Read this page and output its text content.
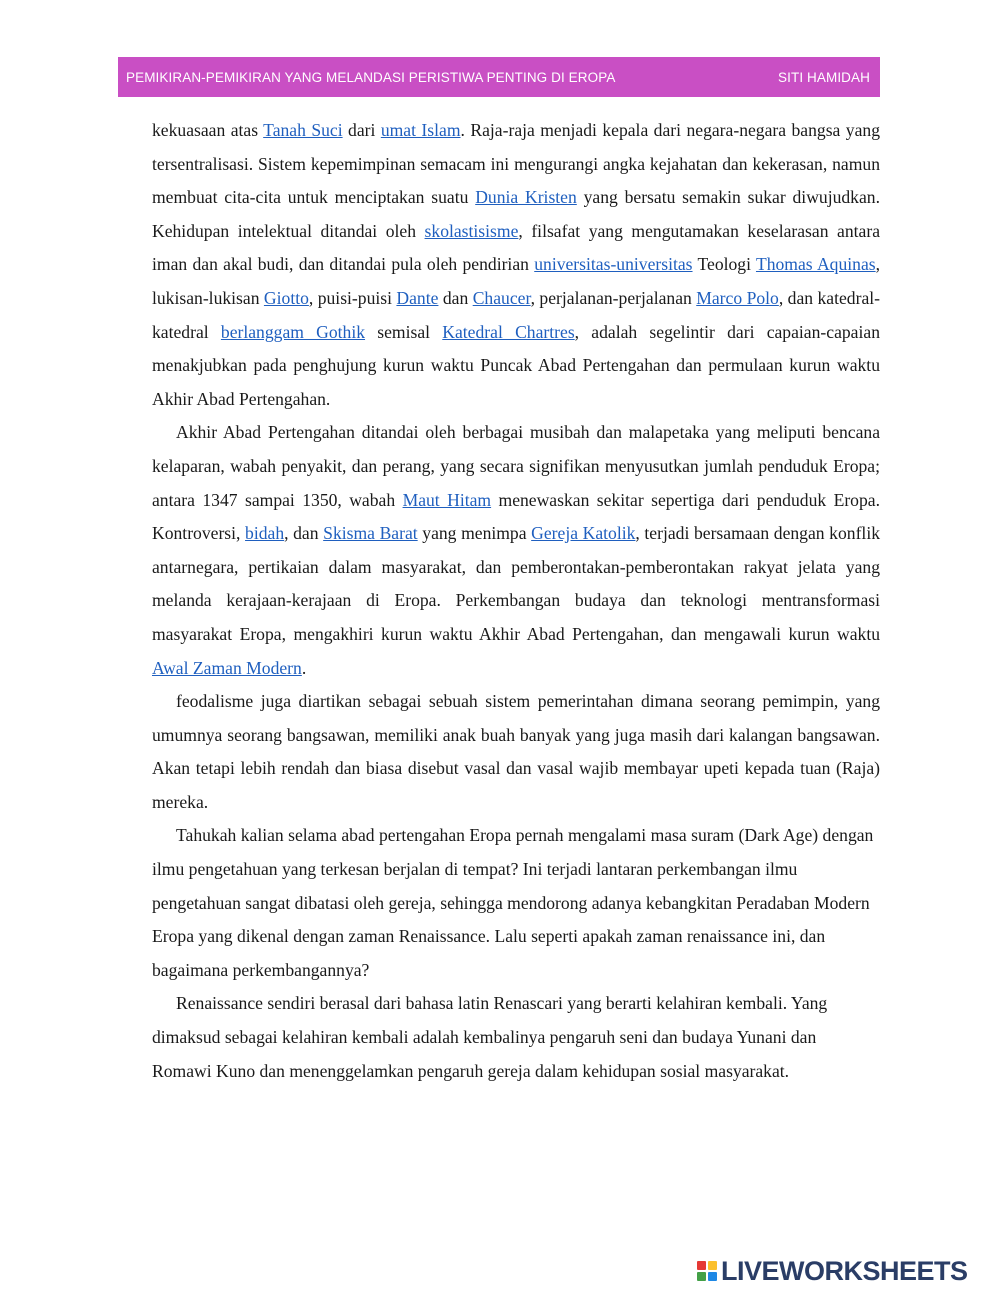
PEMIKIRAN-PEMIKIRAN YANG MELANDASI PERISTIWA PENTING DI EROPA	SITI HAMIDAH

kekuasaan atas Tanah Suci dari umat Islam. Raja-raja menjadi kepala dari negara-negara bangsa yang tersentralisasi. Sistem kepemimpinan semacam ini mengurangi angka kejahatan dan kekerasan, namun membuat cita-cita untuk menciptakan suatu Dunia Kristen yang bersatu semakin sukar diwujudkan. Kehidupan intelektual ditandai oleh skolastisisme, filsafat yang mengutamakan keselarasan antara iman dan akal budi, dan ditandai pula oleh pendirian universitas-universitas Teologi Thomas Aquinas, lukisan-lukisan Giotto, puisi-puisi Dante dan Chaucer, perjalanan-perjalanan Marco Polo, dan katedral-katedral berlanggam Gothik semisal Katedral Chartres, adalah segelintir dari capaian-capaian menakjubkan pada penghujung kurun waktu Puncak Abad Pertengahan dan permulaan kurun waktu Akhir Abad Pertengahan.

Akhir Abad Pertengahan ditandai oleh berbagai musibah dan malapetaka yang meliputi bencana kelaparan, wabah penyakit, dan perang, yang secara signifikan menyusutkan jumlah penduduk Eropa; antara 1347 sampai 1350, wabah Maut Hitam menewaskan sekitar sepertiga dari penduduk Eropa. Kontroversi, bidah, dan Skisma Barat yang menimpa Gereja Katolik, terjadi bersamaan dengan konflik antarnegara, pertikaian dalam masyarakat, dan pemberontakan-pemberontakan rakyat jelata yang melanda kerajaan-kerajaan di Eropa. Perkembangan budaya dan teknologi mentransformasi masyarakat Eropa, mengakhiri kurun waktu Akhir Abad Pertengahan, dan mengawali kurun waktu Awal Zaman Modern.

feodalisme juga diartikan sebagai sebuah sistem pemerintahan dimana seorang pemimpin, yang umumnya seorang bangsawan, memiliki anak buah banyak yang juga masih dari kalangan bangsawan. Akan tetapi lebih rendah dan biasa disebut vasal dan vasal wajib membayar upeti kepada tuan (Raja) mereka.

Tahukah kalian selama abad pertengahan Eropa pernah mengalami masa suram (Dark Age) dengan ilmu pengetahuan yang terkesan berjalan di tempat? Ini terjadi lantaran perkembangan ilmu pengetahuan sangat dibatasi oleh gereja, sehingga mendorong adanya kebangkitan Peradaban Modern Eropa yang dikenal dengan zaman Renaissance. Lalu seperti apakah zaman renaissance ini, dan bagaimana perkembangannya?

Renaissance sendiri berasal dari bahasa latin Renascari yang berarti kelahiran kembali. Yang dimaksud sebagai kelahiran kembali adalah kembalinya pengaruh seni dan budaya Yunani dan Romawi Kuno dan menenggelamkan pengaruh gereja dalam kehidupan sosial masyarakat.

LIVEWORKSHEETS
